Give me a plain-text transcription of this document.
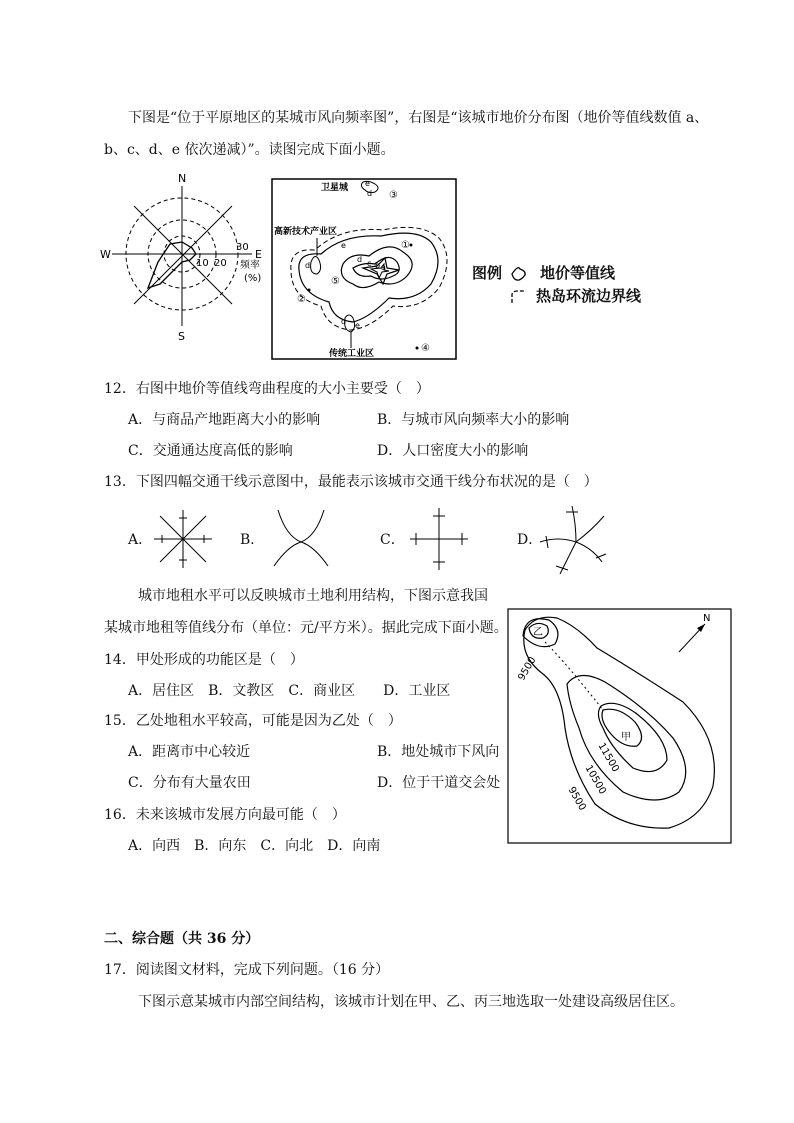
下图是“位于平原地区的某城市风向频率图”，右图是“该城市地价分布图（地价等值线数值 a、
b、c、d、e 依次递减）”。读图完成下面小题。
N
S
W	E
10 20
30
频率
(%)
卫星城 e
d ③
高新技术产业区
d c b a
d
e	①
⑤
②
d e
传统工业区	④
图例	地价等值线
热岛环流边界线
12．右图中地价等值线弯曲程度的大小主要受（　）
A．与商品产地距离大小的影响	B．与城市风向频率大小的影响
C．交通通达度高低的影响	D．人口密度大小的影响
13．下图四幅交通干线示意图中，最能表示该城市交通干线分布状况的是（　）
A．	B．	C．	D．
城市地租水平可以反映城市土地利用结构，下图示意我国
某城市地租等值线分布（单位：元/平方米）。据此完成下面小题。
N
乙
甲
9500
11500
10500
9500
14．甲处形成的功能区是（　）
A．居住区　B．文教区　C．商业区　　D．工业区
15．乙处地租水平较高，可能是因为乙处（　）
A．距离市中心较近	B．地处城市下风向
C．分布有大量农田	D．位于干道交会处
16．未来该城市发展方向最可能（　）
A．向西　B．向东　C．向北　D．向南
二、综合题（共 36 分）
17．阅读图文材料，完成下列问题。（16 分）
下图示意某城市内部空间结构，该城市计划在甲、乙、丙三地选取一处建设高级居住区。
